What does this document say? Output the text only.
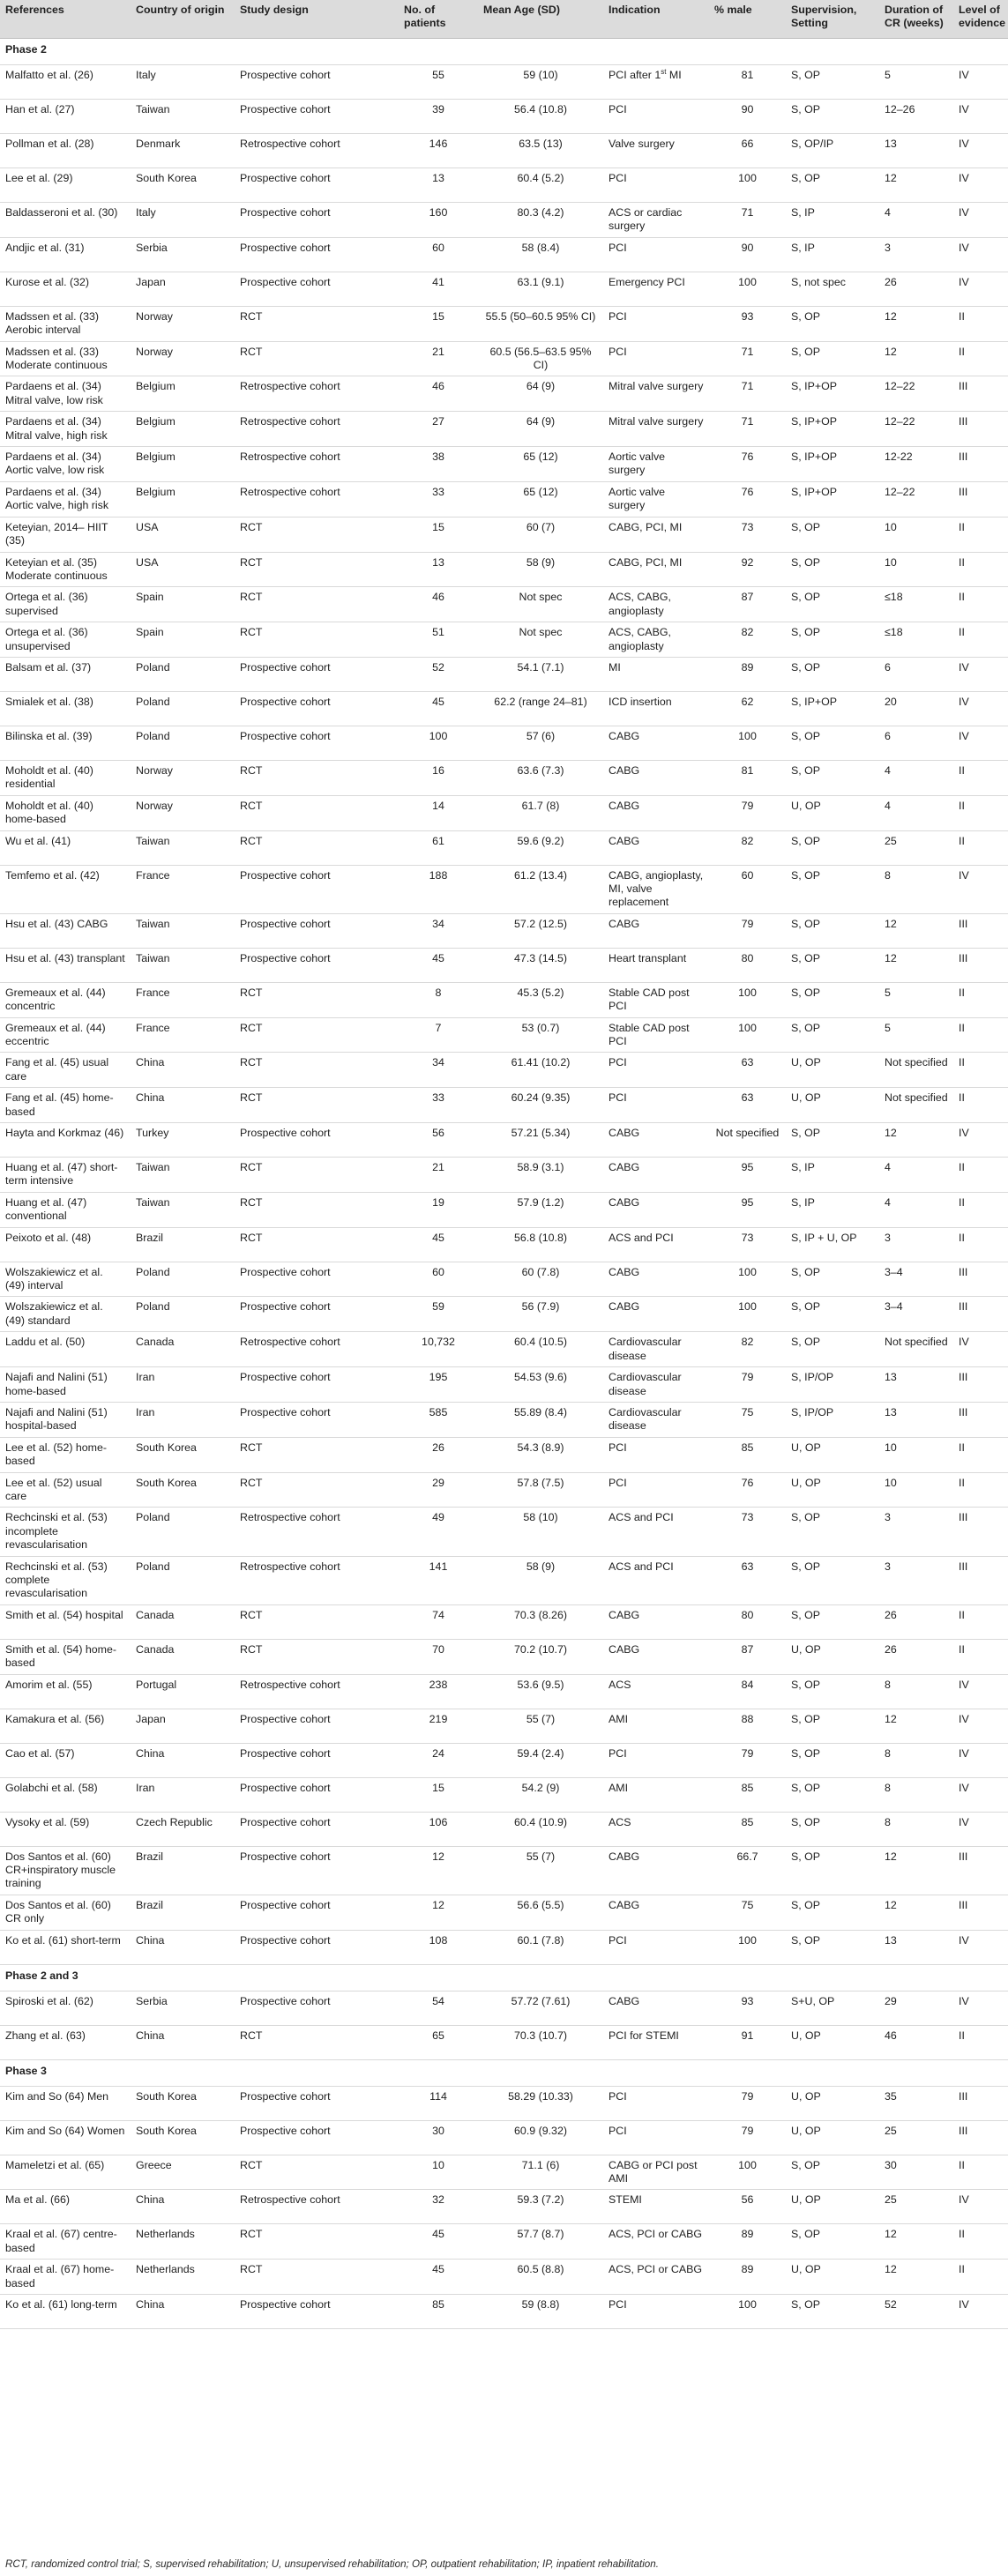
References	Country of origin	Study design	No. of patients	Mean Age (SD)	Indication	% male	Supervision, Setting	Duration of CR (weeks)	Level of evidence
Phase 2									
Malfatto et al. (26)	Italy	Prospective cohort	55	59 (10)	PCI after 1st MI	81	S, OP	5	IV
Han et al. (27)	Taiwan	Prospective cohort	39	56.4 (10.8)	PCI	90	S, OP	12–26	IV
Pollman et al. (28)	Denmark	Retrospective cohort	146	63.5 (13)	Valve surgery	66	S, OP/IP	13	IV
Lee et al. (29)	South Korea	Prospective cohort	13	60.4 (5.2)	PCI	100	S, OP	12	IV
Baldasseroni et al. (30)	Italy	Prospective cohort	160	80.3 (4.2)	ACS or cardiac surgery	71	S, IP	4	IV
Andjic et al. (31)	Serbia	Prospective cohort	60	58 (8.4)	PCI	90	S, IP	3	IV
Kurose et al. (32)	Japan	Prospective cohort	41	63.1 (9.1)	Emergency PCI	100	S, not spec	26	IV
Madssen et al. (33) Aerobic interval	Norway	RCT	15	55.5 (50–60.5 95% CI)	PCI	93	S, OP	12	II
Madssen et al. (33) Moderate continuous	Norway	RCT	21	60.5 (56.5–63.5 95% CI)	PCI	71	S, OP	12	II
Pardaens et al. (34) Mitral valve, low risk	Belgium	Retrospective cohort	46	64 (9)	Mitral valve surgery	71	S, IP+OP	12–22	III
Pardaens et al. (34) Mitral valve, high risk	Belgium	Retrospective cohort	27	64 (9)	Mitral valve surgery	71	S, IP+OP	12–22	III
Pardaens et al. (34) Aortic valve, low risk	Belgium	Retrospective cohort	38	65 (12)	Aortic valve surgery	76	S, IP+OP	12-22	III
Pardaens et al. (34) Aortic valve, high risk	Belgium	Retrospective cohort	33	65 (12)	Aortic valve surgery	76	S, IP+OP	12–22	III
Keteyian, 2014– HIIT (35)	USA	RCT	15	60 (7)	CABG, PCI, MI	73	S, OP	10	II
Keteyian et al. (35) Moderate continuous	USA	RCT	13	58 (9)	CABG, PCI, MI	92	S, OP	10	II
Ortega et al. (36) supervised	Spain	RCT	46	Not spec	ACS, CABG, angioplasty	87	S, OP	≤18	II
Ortega et al. (36) unsupervised	Spain	RCT	51	Not spec	ACS, CABG, angioplasty	82	S, OP	≤18	II
Balsam et al. (37)	Poland	Prospective cohort	52	54.1 (7.1)	MI	89	S, OP	6	IV
Smialek et al. (38)	Poland	Prospective cohort	45	62.2 (range 24–81)	ICD insertion	62	S, IP+OP	20	IV
Bilinska et al. (39)	Poland	Prospective cohort	100	57 (6)	CABG	100	S, OP	6	IV
Moholdt et al. (40) residential	Norway	RCT	16	63.6 (7.3)	CABG	81	S, OP	4	II
Moholdt et al. (40) home-based	Norway	RCT	14	61.7 (8)	CABG	79	U, OP	4	II
Wu et al. (41)	Taiwan	RCT	61	59.6 (9.2)	CABG	82	S, OP	25	II
Temfemo et al. (42)	France	Prospective cohort	188	61.2 (13.4)	CABG, angioplasty, MI, valve replacement	60	S, OP	8	IV
Hsu et al. (43) CABG	Taiwan	Prospective cohort	34	57.2 (12.5)	CABG	79	S, OP	12	III
Hsu et al. (43) transplant	Taiwan	Prospective cohort	45	47.3 (14.5)	Heart transplant	80	S, OP	12	III
Gremeaux et al. (44) concentric	France	RCT	8	45.3 (5.2)	Stable CAD post PCI	100	S, OP	5	II
Gremeaux et al. (44) eccentric	France	RCT	7	53 (0.7)	Stable CAD post PCI	100	S, OP	5	II
Fang et al. (45) usual care	China	RCT	34	61.41 (10.2)	PCI	63	U, OP	Not specified	II
Fang et al. (45) home-based	China	RCT	33	60.24 (9.35)	PCI	63	U, OP	Not specified	II
Hayta and Korkmaz (46)	Turkey	Prospective cohort	56	57.21 (5.34)	CABG	Not specified	S, OP	12	IV
Huang et al. (47) short-term intensive	Taiwan	RCT	21	58.9 (3.1)	CABG	95	S, IP	4	II
Huang et al. (47) conventional	Taiwan	RCT	19	57.9 (1.2)	CABG	95	S, IP	4	II
Peixoto et al. (48)	Brazil	RCT	45	56.8 (10.8)	ACS and PCI	73	S, IP + U, OP	3	II
Wolszakiewicz et al. (49) interval	Poland	Prospective cohort	60	60 (7.8)	CABG	100	S, OP	3–4	III
Wolszakiewicz et al. (49) standard	Poland	Prospective cohort	59	56 (7.9)	CABG	100	S, OP	3–4	III
Laddu et al. (50)	Canada	Retrospective cohort	10,732	60.4 (10.5)	Cardiovascular disease	82	S, OP	Not specified	IV
Najafi and Nalini (51) home-based	Iran	Prospective cohort	195	54.53 (9.6)	Cardiovascular disease	79	S, IP/OP	13	III
Najafi and Nalini (51) hospital-based	Iran	Prospective cohort	585	55.89 (8.4)	Cardiovascular disease	75	S, IP/OP	13	III
Lee et al. (52) home-based	South Korea	RCT	26	54.3 (8.9)	PCI	85	U, OP	10	II
Lee et al. (52) usual care	South Korea	RCT	29	57.8 (7.5)	PCI	76	U, OP	10	II
Rechcinski et al. (53) incomplete revascularisation	Poland	Retrospective cohort	49	58 (10)	ACS and PCI	73	S, OP	3	III
Rechcinski et al. (53) complete revascularisation	Poland	Retrospective cohort	141	58 (9)	ACS and PCI	63	S, OP	3	III
Smith et al. (54) hospital	Canada	RCT	74	70.3 (8.26)	CABG	80	S, OP	26	II
Smith et al. (54) home-based	Canada	RCT	70	70.2 (10.7)	CABG	87	U, OP	26	II
Amorim et al. (55)	Portugal	Retrospective cohort	238	53.6 (9.5)	ACS	84	S, OP	8	IV
Kamakura et al. (56)	Japan	Prospective cohort	219	55 (7)	AMI	88	S, OP	12	IV
Cao et al. (57)	China	Prospective cohort	24	59.4 (2.4)	PCI	79	S, OP	8	IV
Golabchi et al. (58)	Iran	Prospective cohort	15	54.2 (9)	AMI	85	S, OP	8	IV
Vysoky et al. (59)	Czech Republic	Prospective cohort	106	60.4 (10.9)	ACS	85	S, OP	8	IV
Dos Santos et al. (60) CR+inspiratory muscle training	Brazil	Prospective cohort	12	55 (7)	CABG	66.7	S, OP	12	III
Dos Santos et al. (60) CR only	Brazil	Prospective cohort	12	56.6 (5.5)	CABG	75	S, OP	12	III
Ko et al. (61) short-term	China	Prospective cohort	108	60.1 (7.8)	PCI	100	S, OP	13	IV
Phase 2 and 3									
Spiroski et al. (62)	Serbia	Prospective cohort	54	57.72 (7.61)	CABG	93	S+U, OP	29	IV
Zhang et al. (63)	China	RCT	65	70.3 (10.7)	PCI for STEMI	91	U, OP	46	II
Phase 3									
Kim and So (64) Men	South Korea	Prospective cohort	114	58.29 (10.33)	PCI	79	U, OP	35	III
Kim and So (64) Women	South Korea	Prospective cohort	30	60.9 (9.32)	PCI	79	U, OP	25	III
Mameletzi et al. (65)	Greece	RCT	10	71.1 (6)	CABG or PCI post AMI	100	S, OP	30	II
Ma et al. (66)	China	Retrospective cohort	32	59.3 (7.2)	STEMI	56	U, OP	25	IV
Kraal et al. (67) centre-based	Netherlands	RCT	45	57.7 (8.7)	ACS, PCI or CABG	89	S, OP	12	II
Kraal et al. (67) home-based	Netherlands	RCT	45	60.5 (8.8)	ACS, PCI or CABG	89	U, OP	12	II
Ko et al. (61) long-term	China	Prospective cohort	85	59 (8.8)	PCI	100	S, OP	52	IV
RCT, randomized control trial; S, supervised rehabilitation; U, unsupervised rehabilitation; OP, outpatient rehabilitation; IP, inpatient rehabilitation.
